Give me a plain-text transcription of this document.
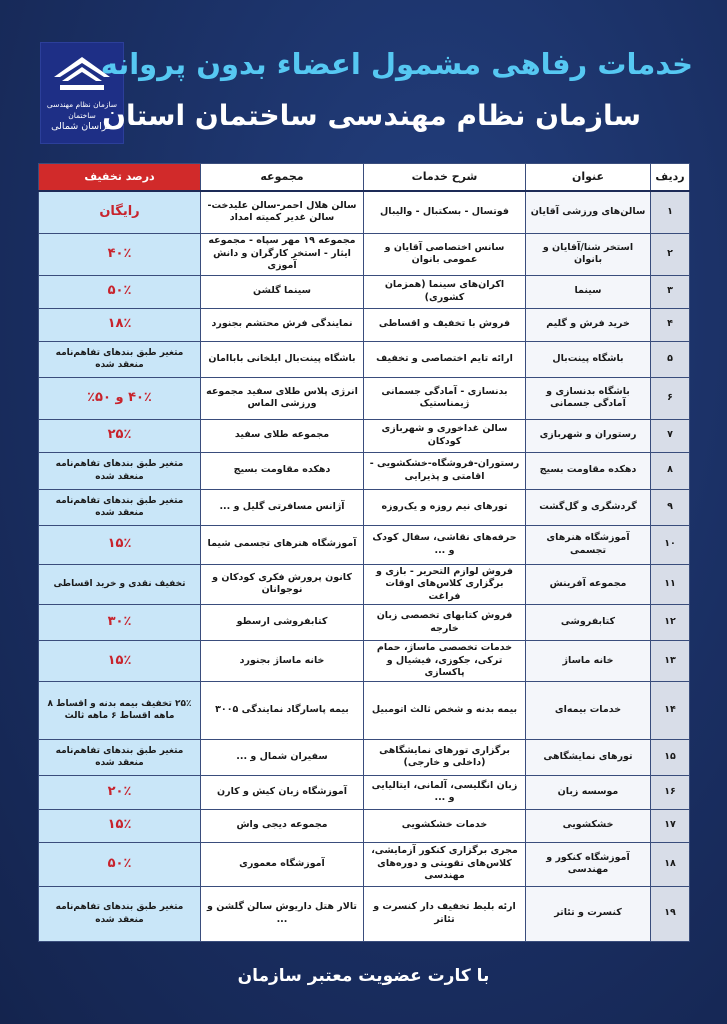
سازمان نظام مهندسی ساختمان
خراسان شمالی
خدمات رفاهی مشمول اعضاء بدون پروانه
سازمان نظام مهندسی ساختمان استان
ردیف	عنوان	شرح خدمات	مجموعه	درصد تخفیف
۱	سالن‌های ورزشی آقایان	فوتسال - بسکتبال - والیبال	سالن هلال احمر-سالن علیدخت-سالن غدیر کمیته امداد	رایگان
۲	استخر شنا/آقایان و بانوان	سانس اختصاصی آقایان و عمومی بانوان	مجموعه ۱۹ مهر سپاه - مجموعه ایثار - استخر کارگران و دانش آموزی	۴۰٪
۳	سینما	اکران‌های سینما (همزمان کشوری)	سینما گلشن	۵۰٪
۴	خرید فرش و گلیم	فروش با تخفیف و اقساطی	نمایندگی فرش محتشم بجنورد	۱۸٪
۵	باشگاه پینت‌بال	ارائه تایم اختصاصی و تخفیف	باشگاه پینت‌بال ایلخانی باباامان	متغیر طبق بندهای تفاهم‌نامه منعقد شده
۶	باشگاه بدنسازی و آمادگی جسمانی	بدنسازی - آمادگی جسمانی ژیمناستیک	انرژی پلاس طلای سفید مجموعه ورزشی الماس	۴۰٪ و ۵۰٪
۷	رستوران و شهربازی	سالن غداخوری و شهربازی کودکان	مجموعه طلای سفید	۲۵٪
۸	دهکده مقاومت بسیج	رستوران-فروشگاه-خشکشویی - اقامتی و پذیرایی	دهکده مقاومت بسیج	متغیر طبق بندهای تفاهم‌نامه منعقد شده
۹	گردشگری و گل‌گشت	تورهای نیم روزه و یک‌روزه	آژانس مسافرتی گلیل و ...	متغیر طبق بندهای تفاهم‌نامه منعقد شده
۱۰	آموزشگاه هنرهای تجسمی	حرفه‌های نقاشی، سفال کودک و ...	آموزشگاه هنرهای تجسمی شیما	۱۵٪
۱۱	مجموعه آفرینش	فروش لوازم التحریر - بازی و برگزاری کلاس‌های اوقات فراغت	کانون پرورش فکری کودکان و نوجوانان	تخفیف نقدی و خرید اقساطی
۱۲	کتابفروشی	فروش کتابهای تخصصی زبان خارجه	کتابفروشی ارسطو	۳۰٪
۱۳	خانه ماساژ	خدمات تخصصی ماساژ، حمام ترکی، جکوزی، فیشیال و پاکسازی	خانه ماساژ بجنورد	۱۵٪
۱۴	خدمات بیمه‌ای	بیمه بدنه و شخص ثالث اتومبیل	بیمه پاسارگاد نمایندگی ۳۰۰۵	۲۵٪ تخفیف بیمه بدنه و اقساط ۸ ماهه اقساط ۶ ماهه ثالث
۱۵	تورهای نمایشگاهی	برگزاری تورهای نمایشگاهی (داخلی و خارجی)	سفیران شمال و ...	متغیر طبق بندهای تفاهم‌نامه منعقد شده
۱۶	موسسه زبان	زبان انگلیسی، آلمانی، ایتالیایی و ...	آموزشگاه زبان کیش و کارن	۲۰٪
۱۷	خشکشویی	خدمات خشکشویی	مجموعه دیجی واش	۱۵٪
۱۸	آموزشگاه کنکور و مهندسی	مجری برگزاری کنکور آزمایشی، کلاس‌های تقویتی و دوره‌های مهندسی	آموزشگاه معموری	۵۰٪
۱۹	کنسرت و تئاتر	ارئه بلیط تخفیف دار کنسرت و تئاتر	تالار هتل داریوش سالن گلشن و ...	متغیر طبق بندهای تفاهم‌نامه منعقد شده
با کارت عضویت معتبر سازمان
